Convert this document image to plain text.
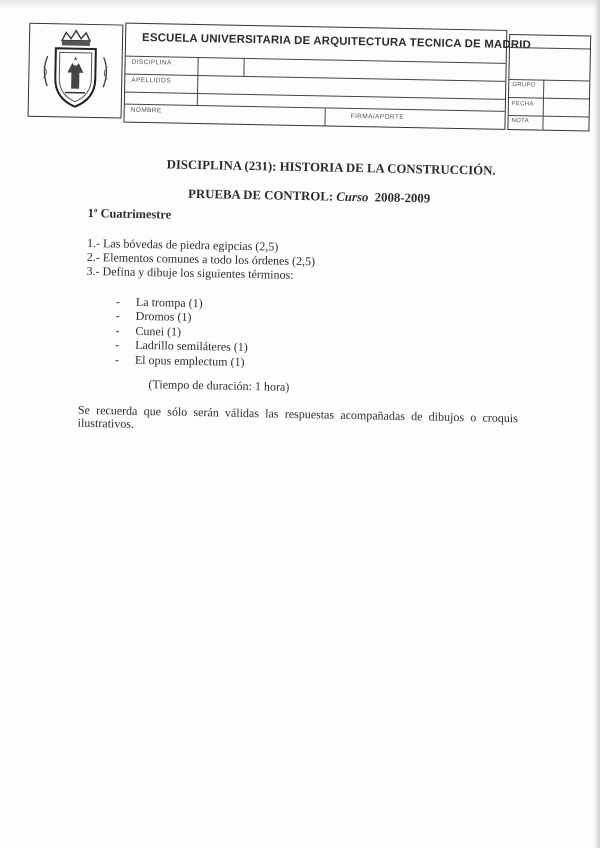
ESCUELA UNIVERSITARIA DE ARQUITECTURA TECNICA DE MADRID
DISCIPLINA
APELLIDOS
NOMBRE
FIRMA/APORTE
GRUPO
FECHA
NOTA
DISCIPLINA (231): HISTORIA DE LA CONSTRUCCIÓN.
PRUEBA DE CONTROL: Curso 2008-2009
1$^o$ Cuatrimestre
1.- Las bóvedas de piedra egipcias (2,5)
2.- Elementos comunes a todo los órdenes (2,5)
3.- Defina y dibuje los siguientes términos:
- La trompa (1)
- Dromos (1)
- Cunei (1)
- Ladrillo semiláteres (1)
- El opus emplectum (1)
(Tiempo de duración: 1 hora)
Se recuerda que sólo serán válidas las respuestas acompañadas de dibujos o croquis ilustrativos.
